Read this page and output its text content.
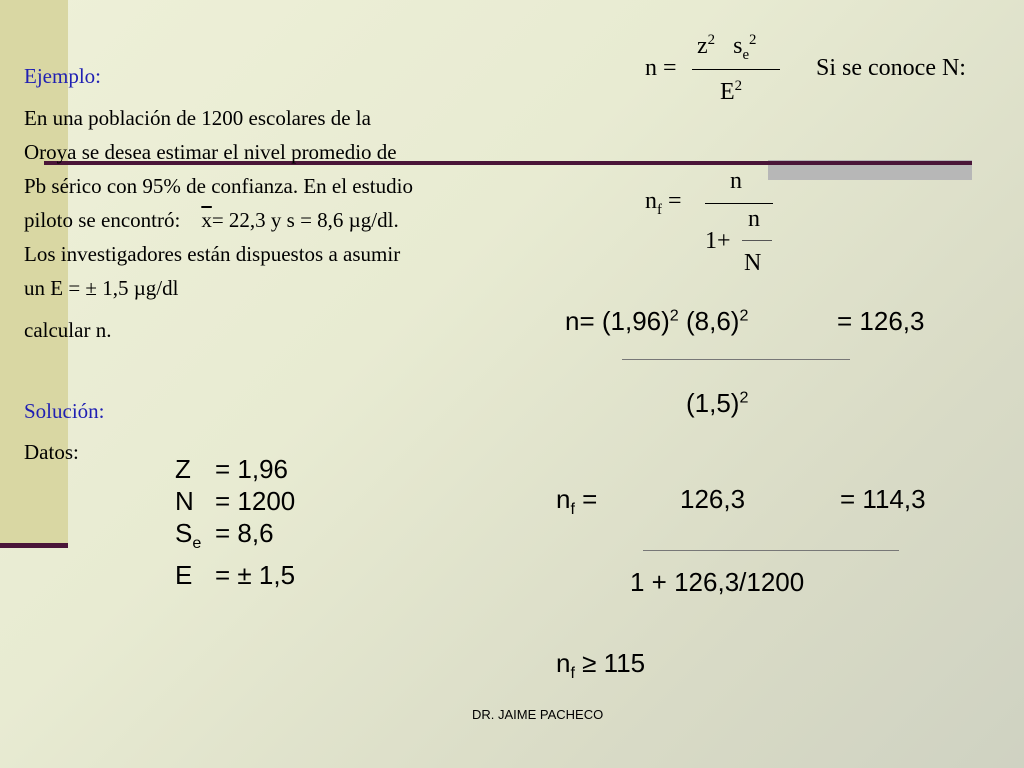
Ejemplo:
En una población de 1200 escolares de la
Oroya se desea estimar el nivel promedio de
Pb sérico con 95% de confianza. En el estudio
piloto se encontró: $\overline{x}= 22,3$ y s = 8,6 µg/dl.
Los investigadores están dispuestos a asumir
un E = ± 1,5 µg/dl
calcular n.
Solución:
Datos:
Z = 1,96
N = 1200
$S_e = 8,6$
E = ± 1,5
n =
$z^2$ $s_e^2$
$E^2$
Si se conoce N:
$n_f$ =
n
1+
n
N
$n= (1,96)^2$ $(8,6)^2$	= 126,3
$(1,5)^2$
$n_f$ =	126,3	= 114,3
1 + 126,3/1200
$n_f \ge 115$
DR. JAIME PACHECO
